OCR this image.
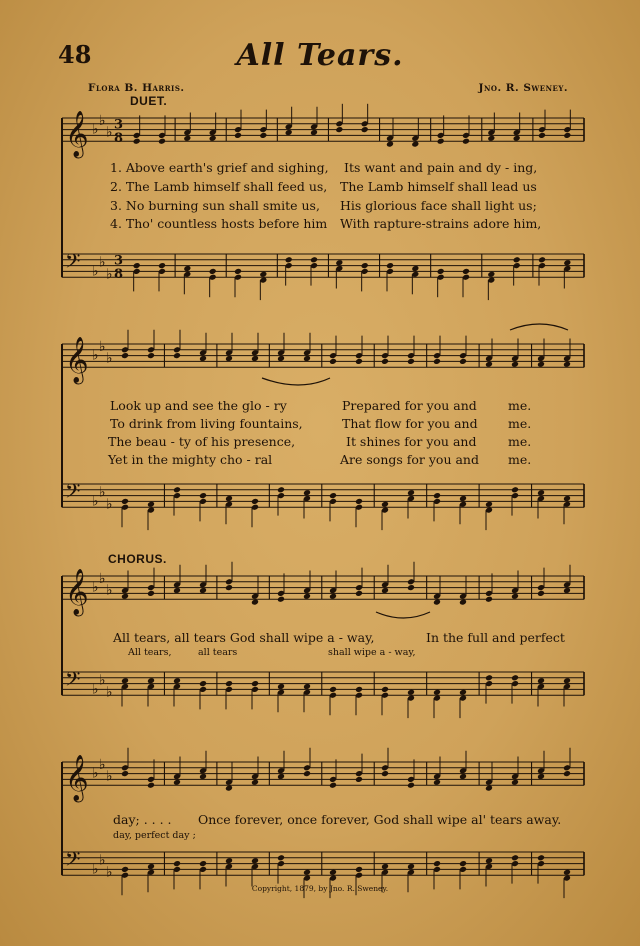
48	All Tears.
Flora B. Harris.	Jno. R. Sweney.
DUET.
CHORUS.
1. Above earth's grief and sighing, Its want and pain and dy - ing,
2. The Lamb himself shall feed us, The Lamb himself shall lead us
3. No burning sun shall smite us, His glorious face shall light us;
4. Tho' countless hosts before him With rapture-strains adore him,
Look up and see the glo - ry	Prepared for you and me.
To drink from living fountains,	That flow for you and me.
The beau - ty of his presence,	It shines for you and	me.
Yet in the mighty cho - ral	Are songs for you and me.
All tears, all tears God shall wipe a - way,	In the full and perfect
All tears,	all tears	shall wipe a - way,
day; . . . . Once forever, once forever, God shall wipe al' tears away.
day, perfect day ;
Copyright, 1879, by Jno. R. Sweney.
𝄞 ♭
♭
♭ 3
8
𝄢 ♭
♭
♭
3
8
𝄞 ♭
♭
♭
𝄢 ♭
♭
♭
𝄞 ♭
♭
♭
𝄢 ♭
♭
♭
𝄞 ♭
♭
♭
𝄢 ♭
♭
♭
